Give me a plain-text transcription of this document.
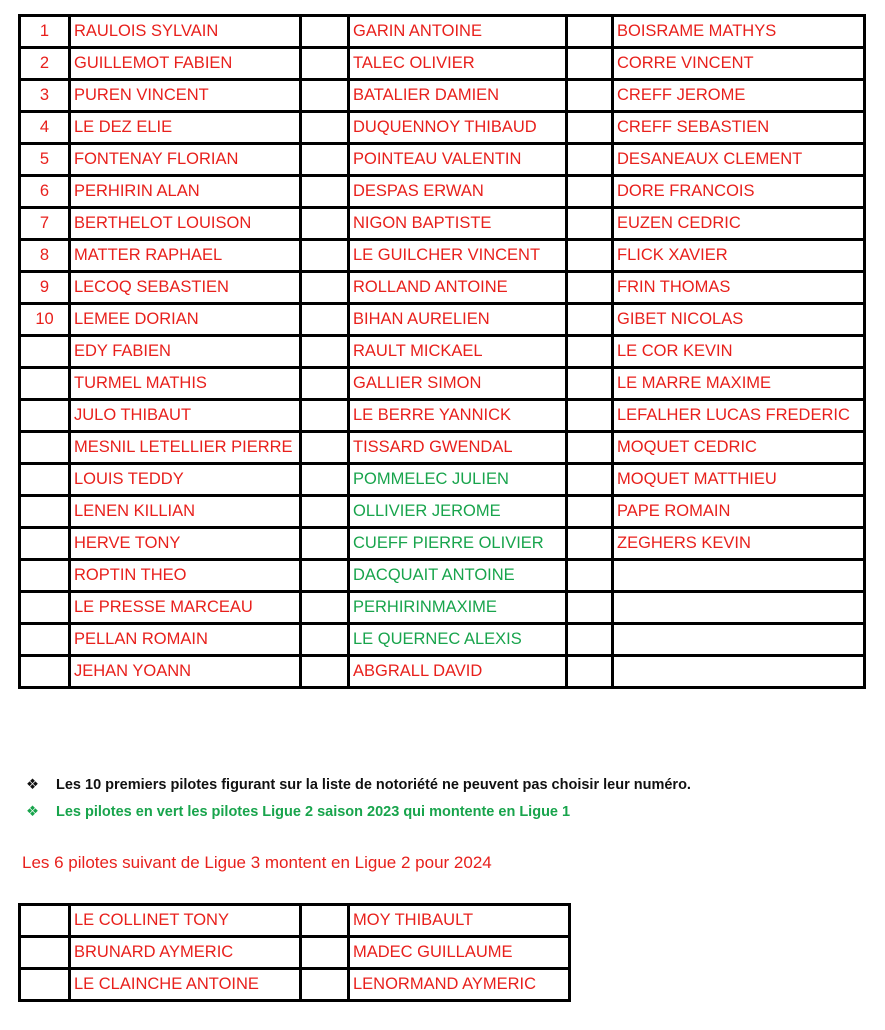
1	RAULOIS SYLVAIN		GARIN ANTOINE		BOISRAME MATHYS
2	GUILLEMOT FABIEN		TALEC OLIVIER		CORRE VINCENT
3	PUREN VINCENT		BATALIER DAMIEN		CREFF JEROME
4	LE DEZ ELIE		DUQUENNOY THIBAUD		CREFF SEBASTIEN
5	FONTENAY FLORIAN		POINTEAU VALENTIN		DESANEAUX CLEMENT
6	PERHIRIN ALAN		DESPAS ERWAN		DORE FRANCOIS
7	BERTHELOT LOUISON		NIGON BAPTISTE		EUZEN CEDRIC
8	MATTER RAPHAEL		LE GUILCHER VINCENT		FLICK XAVIER
9	LECOQ SEBASTIEN		ROLLAND ANTOINE		FRIN THOMAS
10	LEMEE DORIAN		BIHAN AURELIEN		GIBET NICOLAS
	EDY FABIEN		RAULT MICKAEL		LE COR KEVIN
	TURMEL MATHIS		GALLIER SIMON		LE MARRE MAXIME
	JULO THIBAUT		LE BERRE YANNICK		LEFALHER LUCAS FREDERIC
	MESNIL LETELLIER PIERRE		TISSARD GWENDAL		MOQUET CEDRIC
	LOUIS TEDDY		POMMELEC JULIEN		MOQUET MATTHIEU
	LENEN KILLIAN		OLLIVIER JEROME		PAPE ROMAIN
	HERVE TONY		CUEFF PIERRE OLIVIER		ZEGHERS KEVIN
	ROPTIN THEO		DACQUAIT ANTOINE		
	LE PRESSE MARCEAU		PERHIRINMAXIME		
	PELLAN ROMAIN		LE QUERNEC ALEXIS		
	JEHAN YOANN		ABGRALL DAVID		
❖ Les 10 premiers pilotes figurant sur la liste de notoriété ne peuvent pas choisir leur numéro.
❖ Les pilotes en vert les pilotes Ligue 2 saison 2023 qui montente en Ligue 1
Les 6 pilotes suivant de Ligue 3 montent en Ligue 2 pour 2024
	LE COLLINET TONY		MOY THIBAULT
	BRUNARD AYMERIC		MADEC GUILLAUME
	LE CLAINCHE ANTOINE		LENORMAND AYMERIC
